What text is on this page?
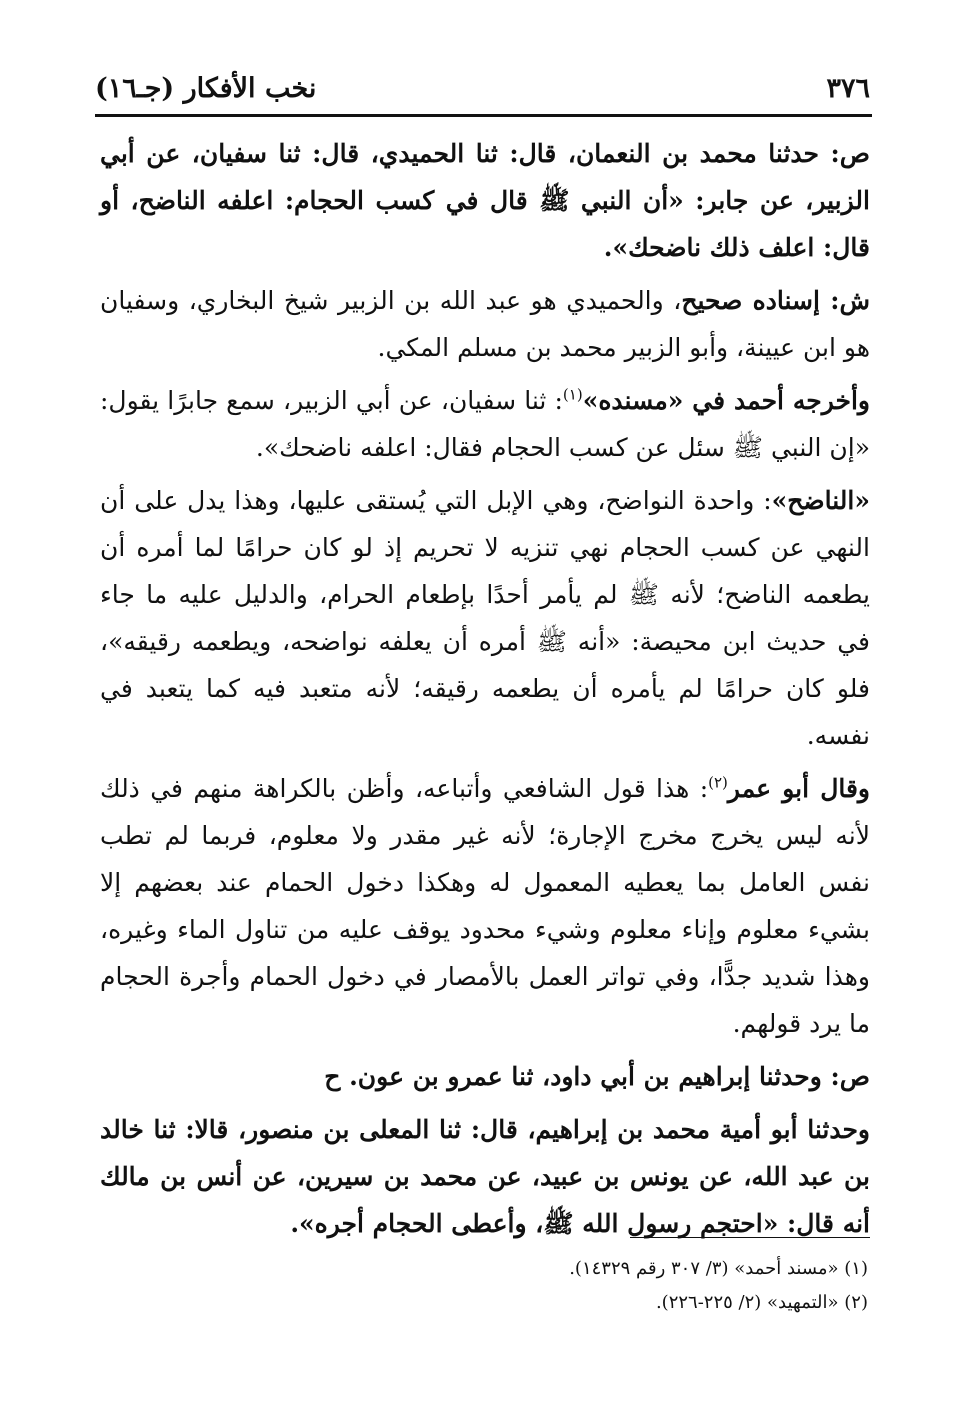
٣٧٦
نخب الأفكار (جـ١٦)

ص: حدثنا محمد بن النعمان، قال: ثنا الحميدي، قال: ثنا سفيان، عن أبي الزبير، عن جابر: «أن النبي ﷺ قال في كسب الحجام: اعلفه الناضح، أو قال: اعلف ذلك ناضحك».

ش: إسناده صحيح، والحميدي هو عبد الله بن الزبير شيخ البخاري، وسفيان هو ابن عيينة، وأبو الزبير محمد بن مسلم المكي.

وأخرجه أحمد في «مسنده»$^{(١)}$: ثنا سفيان، عن أبي الزبير، سمع جابرًا يقول: «إن النبي ﷺ سئل عن كسب الحجام فقال: اعلفه ناضحك».

«الناضح»: واحدة النواضح، وهي الإبل التي يُستقى عليها، وهذا يدل على أن النهي عن كسب الحجام نهي تنزيه لا تحريم إذ لو كان حرامًا لما أمره أن يطعمه الناضح؛ لأنه ﷺ لم يأمر أحدًا بإطعام الحرام، والدليل عليه ما جاء في حديث ابن محيصة: «أنه ﷺ أمره أن يعلفه نواضحه، ويطعمه رقيقه»، فلو كان حرامًا لم يأمره أن يطعمه رقيقه؛ لأنه متعبد فيه كما يتعبد في نفسه.

وقال أبو عمر$^{(٢)}$: هذا قول الشافعي وأتباعه، وأظن بالكراهة منهم في ذلك لأنه ليس يخرج مخرج الإجارة؛ لأنه غير مقدر ولا معلوم، فربما لم تطب نفس العامل بما يعطيه المعمول له وهكذا دخول الحمام عند بعضهم إلا بشيء معلوم وإناء معلوم وشيء محدود يوقف عليه من تناول الماء وغيره، وهذا شديد جدًّا، وفي تواتر العمل بالأمصار في دخول الحمام وأجرة الحجام ما يرد قولهم.

ص: وحدثنا إبراهيم بن أبي داود، ثنا عمرو بن عون. ح

وحدثنا أبو أمية محمد بن إبراهيم، قال: ثنا المعلى بن منصور، قالا: ثنا خالد بن عبد الله، عن يونس بن عبيد، عن محمد بن سيرين، عن أنس بن مالك أنه قال: «احتجم رسول الله ﷺ، وأعطى الحجام أجره».

(١) «مسند أحمد» (٣/ ٣٠٧ رقم ١٤٣٢٩).

(٢) «التمهيد» (٢/ ٢٢٥-٢٢٦).
